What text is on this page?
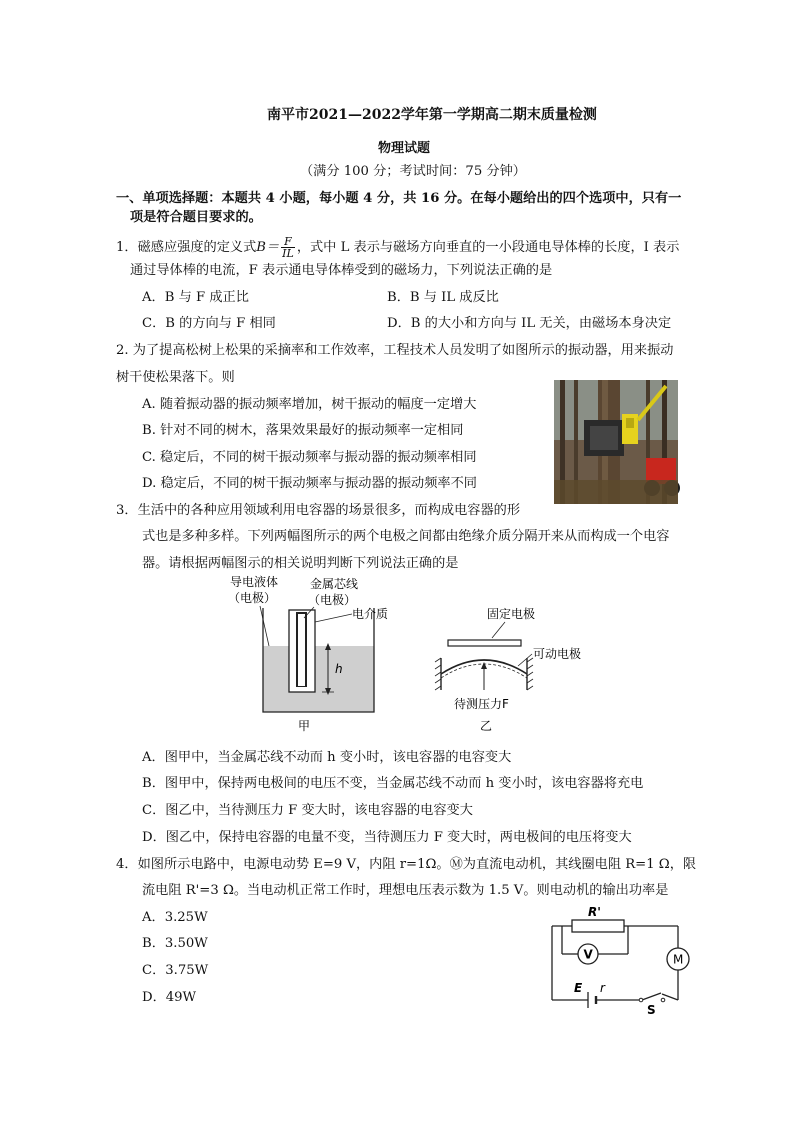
南平市2021—2022学年第一学期高二期末质量检测
物理试题
（满分 100 分；考试时间：75 分钟）
一、单项选择题：本题共 4 小题，每小题 4 分，共 16 分。在每小题给出的四个选项中，只有一
项是符合题目要求的。
1．磁感应强度的定义式$B= \frac{F}{IL}$ ，式中 L 表示与磁场方向垂直的一小段通电导体棒的长度，I 表示
通过导体棒的电流，F 表示通电导体棒受到的磁场力，下列说法正确的是
A．B 与 F 成正比	B．B 与 IL 成反比
C．B 的方向与 F 相同	D．B 的大小和方向与 IL 无关，由磁场本身决定
2. 为了提高松树上松果的采摘率和工作效率，工程技术人员发明了如图所示的振动器，用来振动
树干使松果落下。则
A. 随着振动器的振动频率增加，树干振动的幅度一定增大
B. 针对不同的树木，落果效果最好的振动频率一定相同
C. 稳定后，不同的树干振动频率与振动器的振动频率相同
D. 稳定后，不同的树干振动频率与振动器的振动频率不同
3．生活中的各种应用领域利用电容器的场景很多，而构成电容器的形
式也是多种多样。下列两幅图所示的两个电极之间都由绝缘介质分隔开来从而构成一个电容
器。请根据两幅图示的相关说明判断下列说法正确的是
h
导电液体
（电极）
金属芯线
（电极）
电介质
甲
固定电极
可动电极
待测压力F
乙
A．图甲中，当金属芯线不动而 h 变小时，该电容器的电容变大
B．图甲中，保持两电极间的电压不变，当金属芯线不动而 h 变小时，该电容器将充电
C．图乙中，当待测压力 F 变大时，该电容器的电容变大
D．图乙中，保持电容器的电量不变，当待测压力 F 变大时，两电极间的电压将变大
4．如图所示电路中，电源电动势 E=9 V，内阻 r=1Ω。Ⓜ为直流电动机，其线圈电阻 R=1 Ω，限
流电阻 R'=3 Ω。当电动机正常工作时，理想电压表示数为 1.5 V。则电动机的输出功率是
A．3.25W
B．3.50W
C．3.75W
D．49W
V	M
R'
E r
S
